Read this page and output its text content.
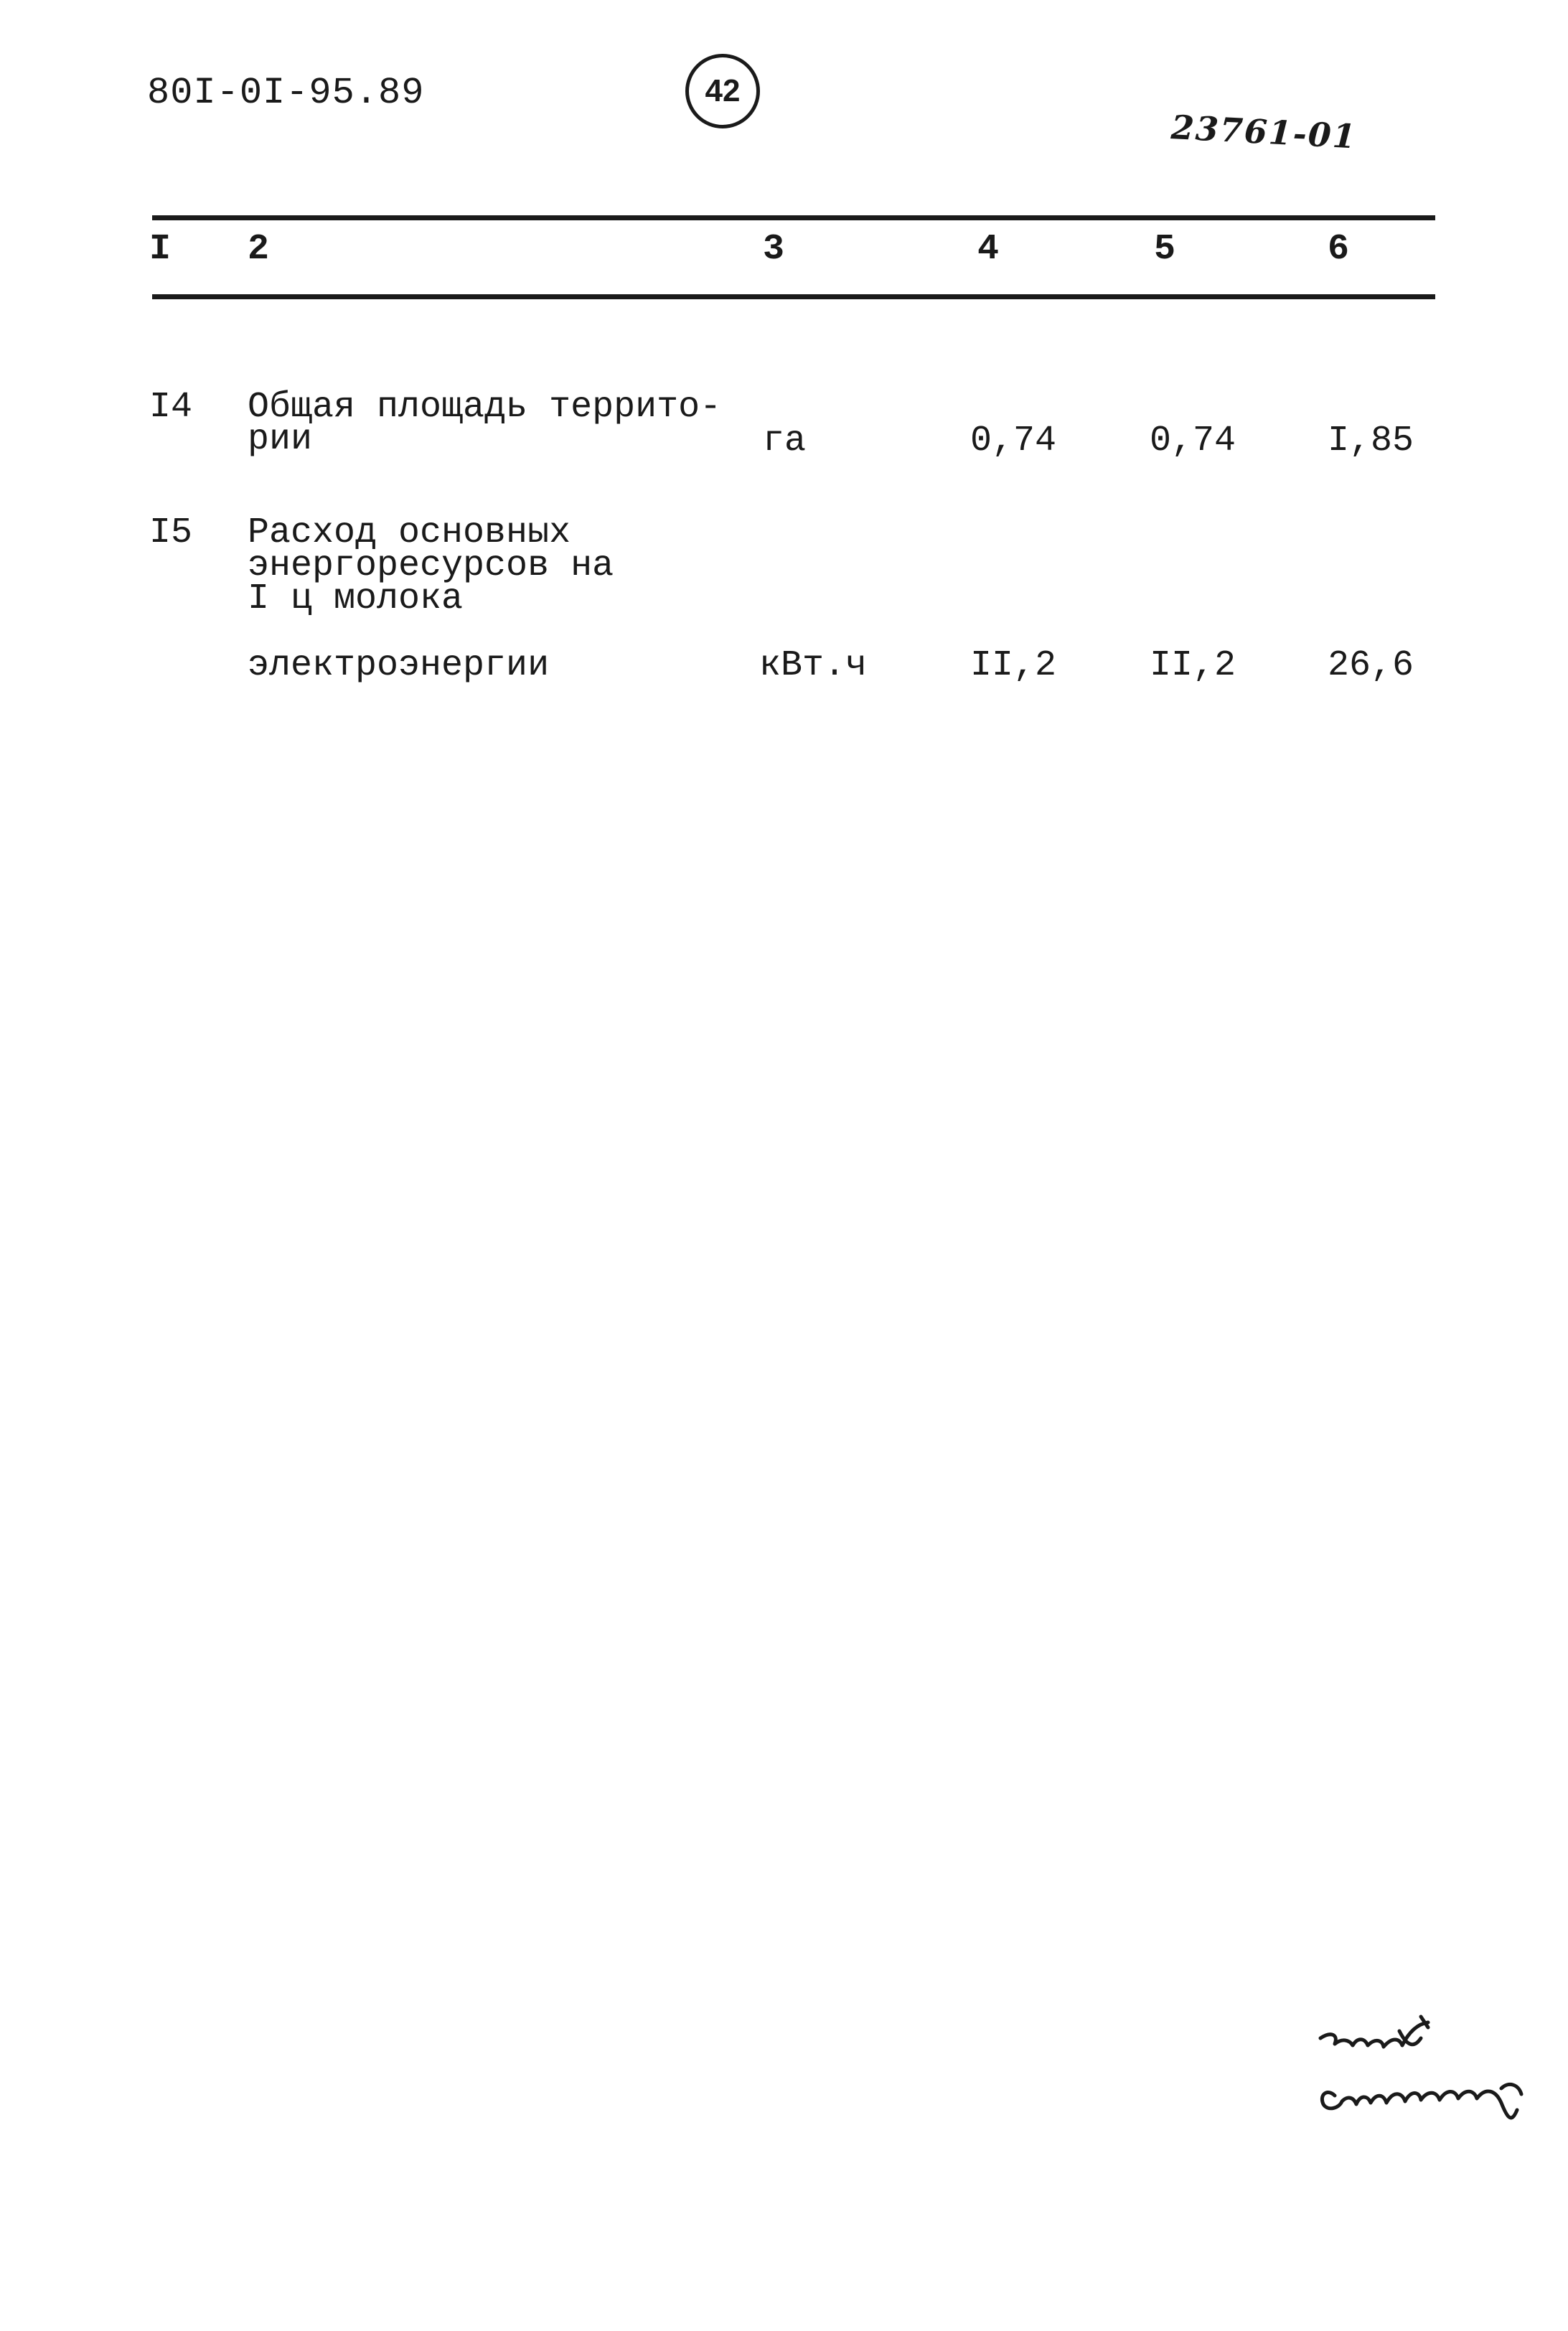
80I-0I-95.89	42
23761-01
I 2	3	4	5	6
I4 Общая площадь террито-
рии	га	0,74	0,74	I,85
I5 Расход основных
энергоресурсов на
I ц молока
электроэнергии	кВт.ч	II,2	II,2	26,6
